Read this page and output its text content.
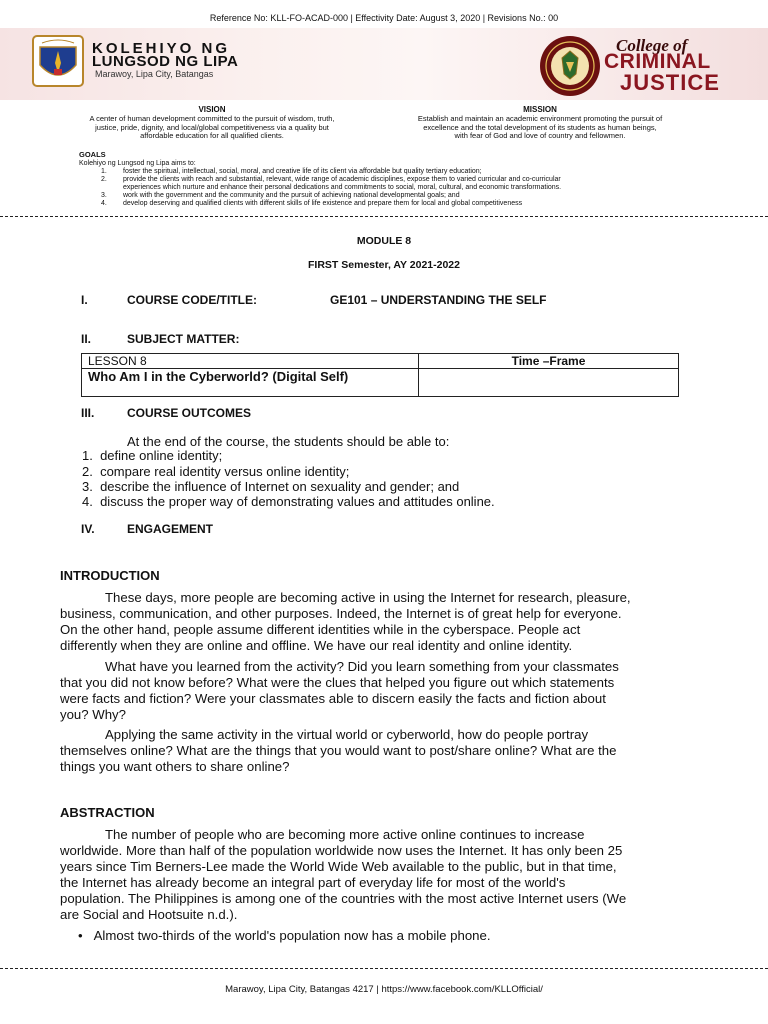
Reference No: KLL-FO-ACAD-000 | Effectivity Date: August 3, 2020 | Revisions No.: 00
KOLEHIYO NG
LUNGSOD NG LIPA
Marawoy, Lipa City, Batangas
College of
CRIMINAL
JUSTICE
VISION
A center of human development committed to the pursuit of wisdom, truth,
justice, pride, dignity, and local/global competitiveness via a quality but
affordable education for all qualified clients.
MISSION
Establish and maintain an academic environment promoting the pursuit of
excellence and the total development of its students as human beings,
with fear of God and love of country and fellowmen.
GOALS
Kolehiyo ng Lungsod ng Lipa aims to:
1. foster the spiritual, intellectual, social, moral, and creative life of its client via affordable but quality tertiary education;
2. provide the clients with reach and substantial, relevant, wide range of academic disciplines, expose them to varied curricular and co-curricular
experiences which nurture and enhance their personal dedications and commitments to social, moral, cultural, and economic transformations.
3. work with the government and the community and the pursuit of achieving national developmental goals; and
4. develop deserving and qualified clients with different skills of life existence and prepare them for local and global competitiveness
MODULE 8
FIRST Semester, AY 2021-2022
I.	COURSE CODE/TITLE:	GE101 – UNDERSTANDING THE SELF
II.	SUBJECT MATTER:
LESSON 8	Time –Frame
Who Am I in the Cyberworld? (Digital Self)	
III.	COURSE OUTCOMES
At the end of the course, the students should be able to:
1. define online identity;
2. compare real identity versus online identity;
3. describe the influence of Internet on sexuality and gender; and
4. discuss the proper way of demonstrating values and attitudes online.
IV.	ENGAGEMENT
INTRODUCTION
These days, more people are becoming active in using the Internet for research, pleasure,
business, communication, and other purposes. Indeed, the Internet is of great help for everyone.
On the other hand, people assume different identities while in the cyberspace. People act
differently when they are online and offline. We have our real identity and online identity.
What have you learned from the activity? Did you learn something from your classmates
that you did not know before? What were the clues that helped you figure out which statements
were facts and fiction? Were your classmates able to discern easily the facts and fiction about
you? Why?
Applying the same activity in the virtual world or cyberworld, how do people portray
themselves online? What are the things that you would want to post/share online? What are the
things you want others to share online?
ABSTRACTION
The number of people who are becoming more active online continues to increase
worldwide. More than half of the population worldwide now uses the Internet. It has only been 25
years since Tim Berners-Lee made the World Wide Web available to the public, but in that time,
the Internet has already become an integral part of everyday life for most of the world's
population. The Philippines is among one of the countries with the most active Internet users (We
are Social and Hootsuite n.d.).
• Almost two-thirds of the world's population now has a mobile phone.
Marawoy, Lipa City, Batangas 4217 | https://www.facebook.com/KLLOfficial/
